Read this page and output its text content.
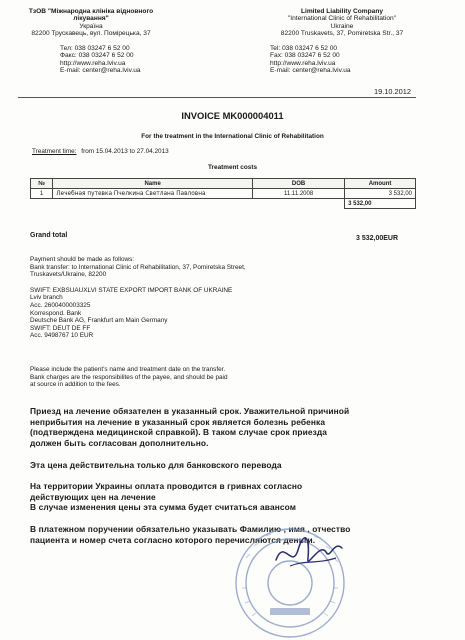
ТзОВ "Міжнародна клініка відновного
лікування"
Україна
82200 Трускавець, вул. Помірецька, 37
Тел: 038 03247 6 52 00
Факс: 038 03247 6 52 00
http://www.reha.lviv.ua
E-mail: center@reha.lviv.ua
Limited Liability Company
"International Clinic of Rehabilitation"
Ukraine
82200 Truskavets, 37, Pomiretska Str., 37
Tel: 038 03247 6 52 00
Fax: 038 03247 6 52 00
http://www.reha.lviv.ua
E-mail: center@reha.lviv.ua
19.10.2012
INVOICE MK000004011
For the treatment in the International Clinic of Rehabilitation
Treatment time: from 15.04.2013 to 27.04.2013
Treatment costs
№	Name	DOB	Amount
1	Лечебная путевка Пчелкина Светлана Павловна	11.11.2008	3 532,00
			3 532,00
Grand total	3 532,00EUR
Payment should be made as follows:
Bank transfer: to International Clinic of Rehabilitation, 37, Pomiretska Street,
Truskavets/Ukraine, 82200
SWIFT: EXBSUAUXLVI STATE EXPORT IMPORT BANK OF UKRAINE
Lviv branch
Acc. 2600400003325
Korrespond. Bank
Deutsche Bank AG, Frankfurt am Main Germany
SWIFT: DEUT DE FF
Acc. 9498767 10 EUR
Please include the patient's name and treatment date on the transfer.
Bank charges are the responsibilites of the payee, and should be paid
at source in addition to the fees.
Приезд на лечение обязателен в указанный срок. Уважительной причиной
неприбытия на лечение в указанный срок является болезнь ребенка
(подтверждена медицинской справкой). В таком случае срок приезда
должен быть согласован дополнительно.
Эта цена действительна только для банковского перевода
На территории Украины оплата проводится в гривнах согласно
действующих цен на лечение
В случае изменения цены эта сумма будет считаться авансом
В платежном поручении обязательно указывать Фамилию , имя , отчество
пациента и номер счета согласно которого перечисляются деньги.
